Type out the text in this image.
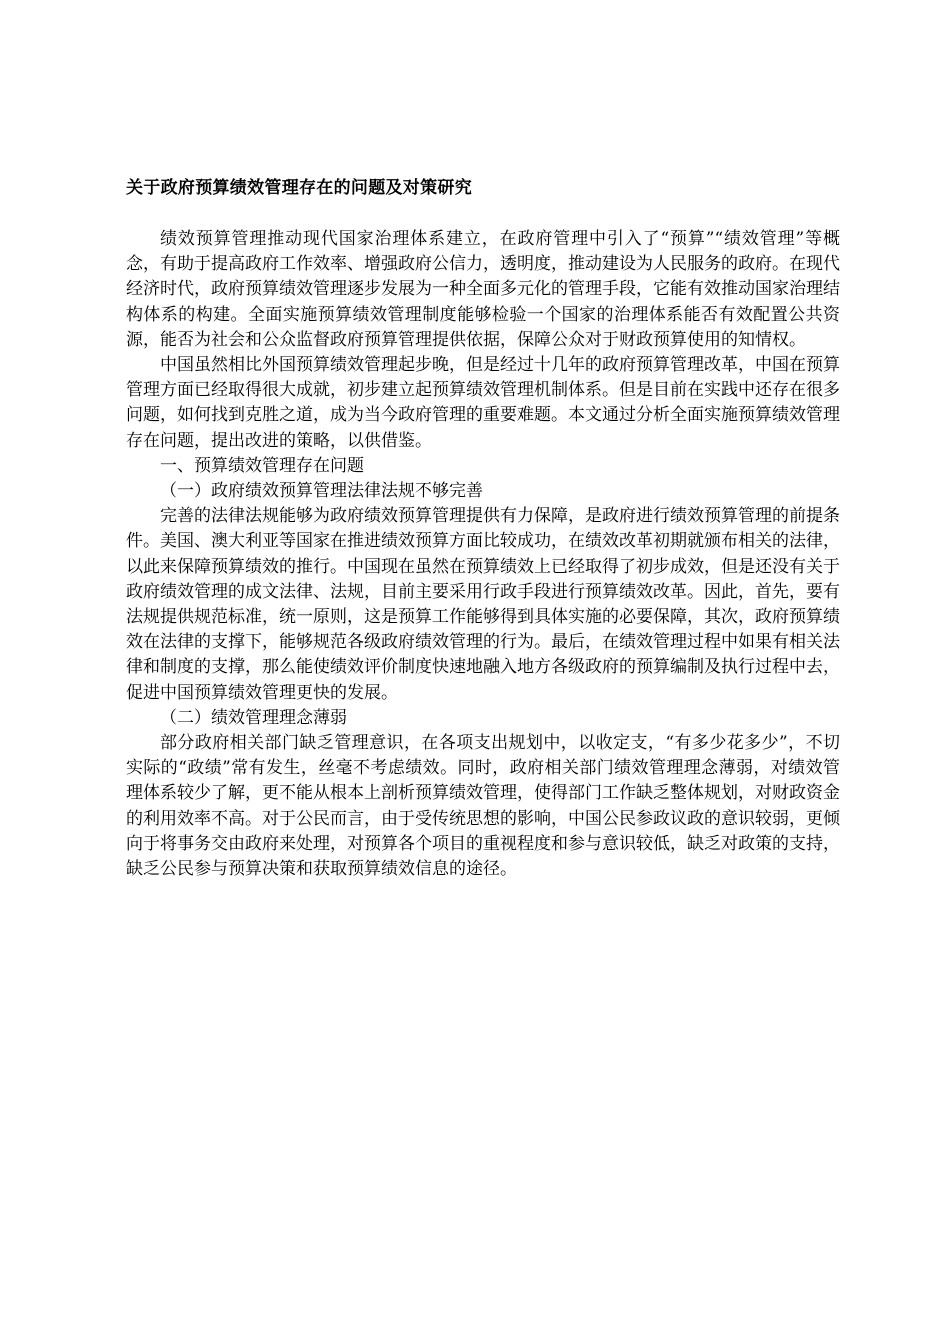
关于政府预算绩效管理存在的问题及对策研究

绩效预算管理推动现代国家治理体系建立，在政府管理中引入了“预算”“绩效管理”等概念，有助于提高政府工作效率、增强政府公信力，透明度，推动建设为人民服务的政府。在现代经济时代，政府预算绩效管理逐步发展为一种全面多元化的管理手段，它能有效推动国家治理结构体系的构建。全面实施预算绩效管理制度能够检验一个国家的治理体系能否有效配置公共资源，能否为社会和公众监督政府预算管理提供依据，保障公众对于财政预算使用的知情权。

中国虽然相比外国预算绩效管理起步晚，但是经过十几年的政府预算管理改革，中国在预算管理方面已经取得很大成就，初步建立起预算绩效管理机制体系。但是目前在实践中还存在很多问题，如何找到克胜之道，成为当今政府管理的重要难题。本文通过分析全面实施预算绩效管理存在问题，提出改进的策略，以供借鉴。

一、预算绩效管理存在问题

（一）政府绩效预算管理法律法规不够完善

完善的法律法规能够为政府绩效预算管理提供有力保障，是政府进行绩效预算管理的前提条件。美国、澳大利亚等国家在推进绩效预算方面比较成功，在绩效改革初期就颁布相关的法律，以此来保障预算绩效的推行。中国现在虽然在预算绩效上已经取得了初步成效，但是还没有关于政府绩效管理的成文法律、法规，目前主要采用行政手段进行预算绩效改革。因此，首先，要有法规提供规范标准，统一原则，这是预算工作能够得到具体实施的必要保障，其次，政府预算绩效在法律的支撑下，能够规范各级政府绩效管理的行为。最后，在绩效管理过程中如果有相关法律和制度的支撑，那么能使绩效评价制度快速地融入地方各级政府的预算编制及执行过程中去，促进中国预算绩效管理更快的发展。

（二）绩效管理理念薄弱

部分政府相关部门缺乏管理意识，在各项支出规划中，以收定支，“有多少花多少”，不切实际的“政绩”常有发生，丝毫不考虑绩效。同时，政府相关部门绩效管理理念薄弱，对绩效管理体系较少了解，更不能从根本上剖析预算绩效管理，使得部门工作缺乏整体规划，对财政资金的利用效率不高。对于公民而言，由于受传统思想的影响，中国公民参政议政的意识较弱，更倾向于将事务交由政府来处理，对预算各个项目的重视程度和参与意识较低，缺乏对政策的支持，缺乏公民参与预算决策和获取预算绩效信息的途径。
